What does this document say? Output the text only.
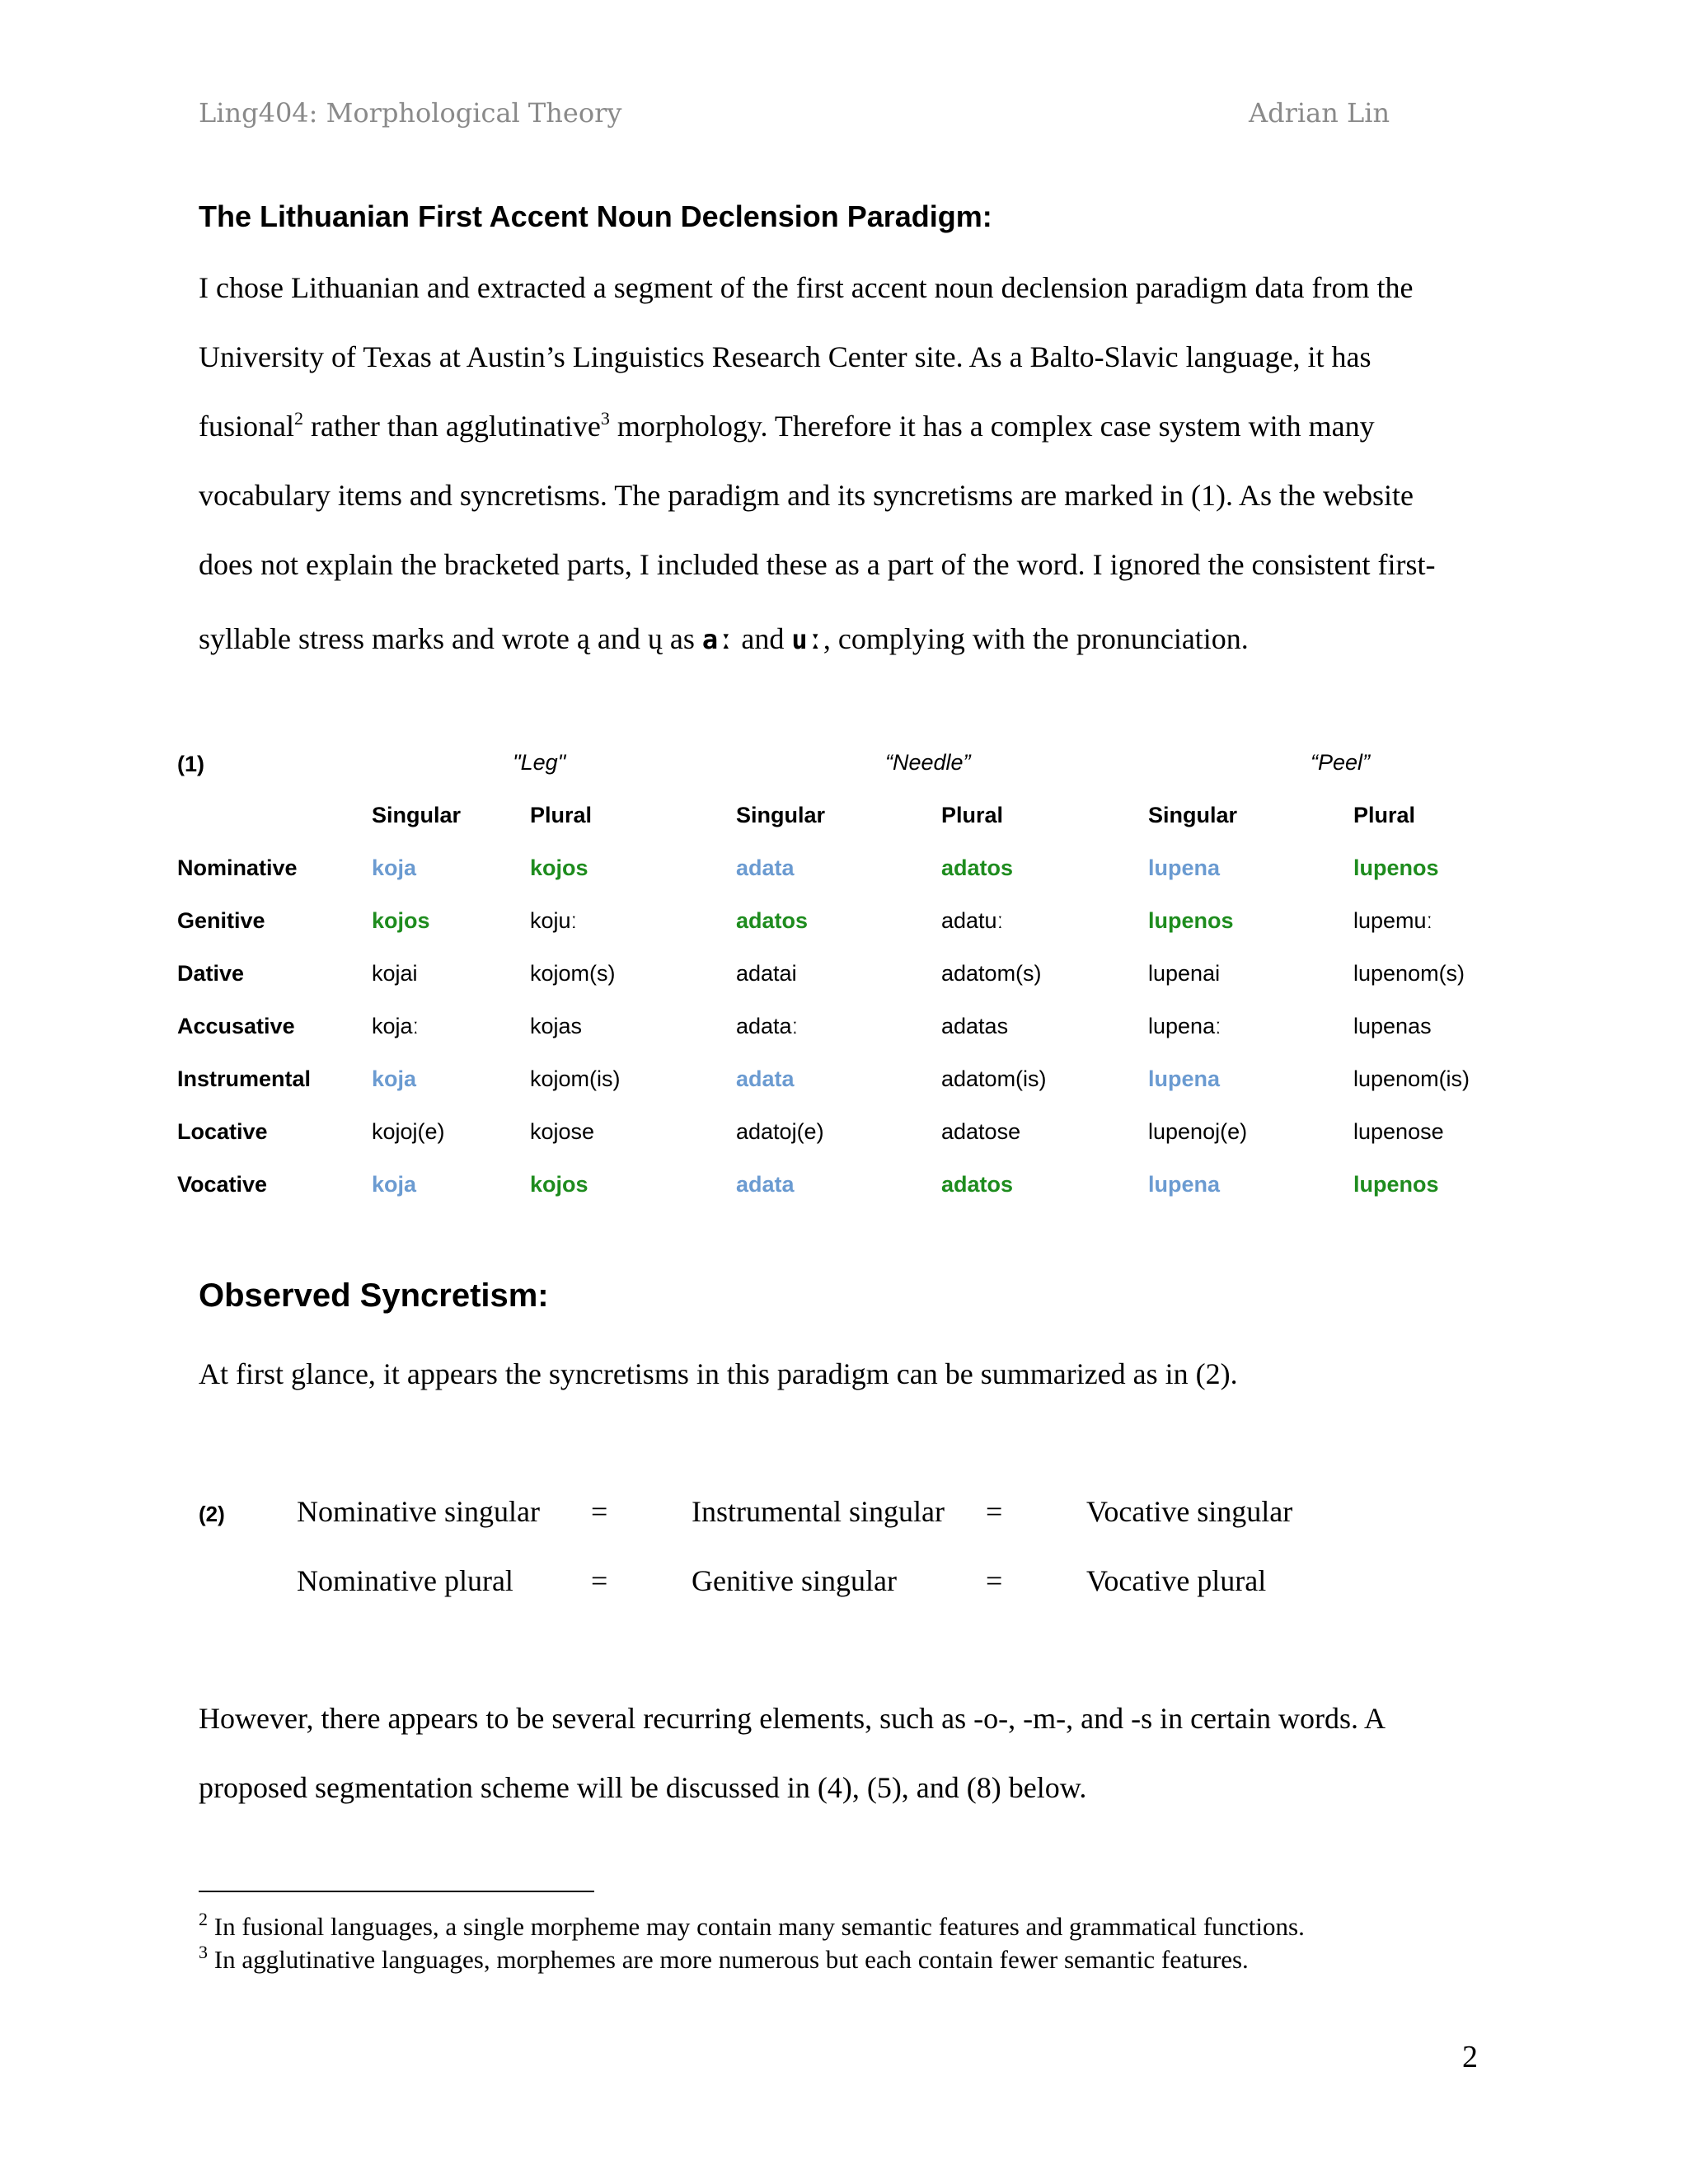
Ling404: Morphological Theory	Adrian Lin
The Lithuanian First Accent Noun Declension Paradigm:
I chose Lithuanian and extracted a segment of the first accent noun declension paradigm data from the
University of Texas at Austin’s Linguistics Research Center site. As a Balto-Slavic language, it has
fusional$^2$ rather than agglutinative$^3$ morphology. Therefore it has a complex case system with many
vocabulary items and syncretisms. The paradigm and its syncretisms are marked in (1). As the website
does not explain the bracketed parts, I included these as a part of the word. I ignored the consistent first-
syllable stress marks and wrote ą and ų as aː and uː, complying with the pronunciation.
(1)	"Leg"	“Needle”	“Peel”
Singular	Plural	Singular	Plural	Singular	Plural
Nominative	koja	kojos	adata	adatos	lupena	lupenos
Genitive	kojos	kojuː	adatos	adatuː	lupenos	lupemuː
Dative	kojai	kojom(s)	adatai	adatom(s)	lupenai	lupenom(s)
Accusative	kojaː	kojas	adataː	adatas	lupenaː	lupenas
Instrumental	koja	kojom(is)	adata	adatom(is)	lupena	lupenom(is)
Locative	kojoj(e)	kojose	adatoj(e)	adatose	lupenoj(e)	lupenose
Vocative	koja	kojos	adata	adatos	lupena	lupenos
Observed Syncretism:
At first glance, it appears the syncretisms in this paradigm can be summarized as in (2).
(2) Nominative singular =	Instrumental singular =	Vocative singular
Nominative plural	=	Genitive singular	=	Vocative plural
However, there appears to be several recurring elements, such as -o-, -m-, and -s in certain words. A
proposed segmentation scheme will be discussed in (4), (5), and (8) below.
$^2$ In fusional languages, a single morpheme may contain many semantic features and grammatical functions.
$^3$ In agglutinative languages, morphemes are more numerous but each contain fewer semantic features.
2
